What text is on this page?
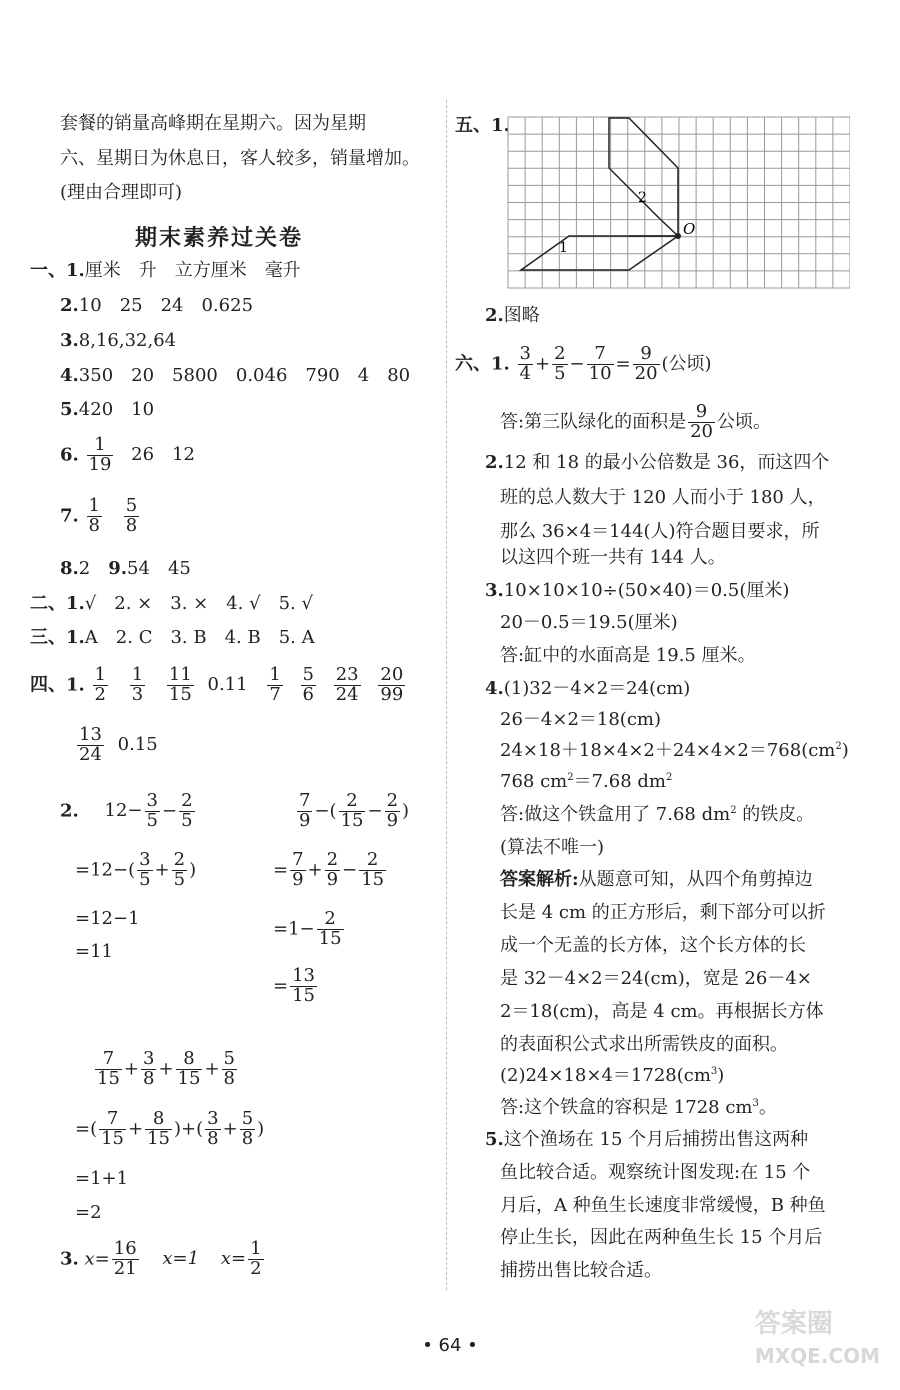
套餐的销量高峰期在星期六。因为星期
六、星期日为休息日，客人较多，销量增加。
(理由合理即可)
期末素养过关卷
一、1.厘米　升　立方厘米　毫升
2.10　25　24　0.625
3.8,16,32,64
4.350　20　5800　0.046　790　4　80
5.420　10
6. $\frac{1}{19} 26$　12
7. $\frac{1}{8}$
$\frac{5}{8}$
8.2　 9.54　45
二、1.√　2. ×　3. ×　4. √　5. √
三、1.A　2. C　3. B　4. B　5. A
四、1. $\frac{1}{2}$
$\frac{1}{3}$
$\frac{11}{15} 0.11 \frac{1}{7}$
$\frac{5}{6}$
$\frac{23}{24}$
$\frac{20}{99}$
$\frac{13}{24} 0.15$
2. $12- \frac{3}{5} - \frac{2}{5}$
$=12-( \frac{3}{5} + \frac{2}{5}$ )
=12−1
=11
$\frac{7}{9}$ −( $\frac{2}{15} - \frac{2}{9}$ )
= $\frac{7}{9} + \frac{2}{9} - \frac{2}{15}$
$=1- \frac{2}{15}$
= $\frac{13}{15}$
$\frac{7}{15} + \frac{3}{8} + \frac{8}{15} + \frac{5}{8}$
=( $\frac{7}{15} + \frac{8}{15}$ )+( $\frac{3}{8} + \frac{5}{8}$ )
=1+1
=2
3. $x= \frac{16}{21} x=1$ $x= \frac{1}{2}$
五、1.
O
1
2
2.图略
六、1. $\frac{3}{4} + \frac{2}{5} - \frac{7}{10} = \frac{9}{20}$ (公顷)
答:第三队绿化的面积是 $\frac{9}{20}$ 公顷。
2.12 和 18 的最小公倍数是 36，而这四个
班的总人数大于 120 人而小于 180 人，
那么 36×4＝144(人)符合题目要求，所
以这四个班一共有 144 人。
3.10×10×10÷(50×40)＝0.5(厘米)
20－0.5＝19.5(厘米)
答:缸中的水面高是 19.5 厘米。
4.(1)32－4×2＝24(cm)
26－4×2＝18(cm)
$24\times 18+18\times 4\times 2+24\times 4\times 2=768(cm^2)$
768 $cm^2=7.68$ $dm^2$
答:做这个铁盒用了 7.68 $dm^2$ 的铁皮。
(算法不唯一)
答案解析:从题意可知，从四个角剪掉边
长是 4 cm 的正方形后，剩下部分可以折
成一个无盖的长方体，这个长方体的长
是 32－4×2＝24(cm)，宽是 26－4×
2＝18(cm)，高是 4 cm。再根据长方体
的表面积公式求出所需铁皮的面积。
$(2)24\times 18\times 4=1728(cm^3)$
答:这个铁盒的容积是 1728 $cm^3$。
5.这个渔场在 15 个月后捕捞出售这两种
鱼比较合适。观察统计图发现:在 15 个
月后，A 种鱼生长速度非常缓慢，B 种鱼
停止生长，因此在两种鱼生长 15 个月后
捕捞出售比较合适。
• 64 •
答案圈
MXQE.COM
